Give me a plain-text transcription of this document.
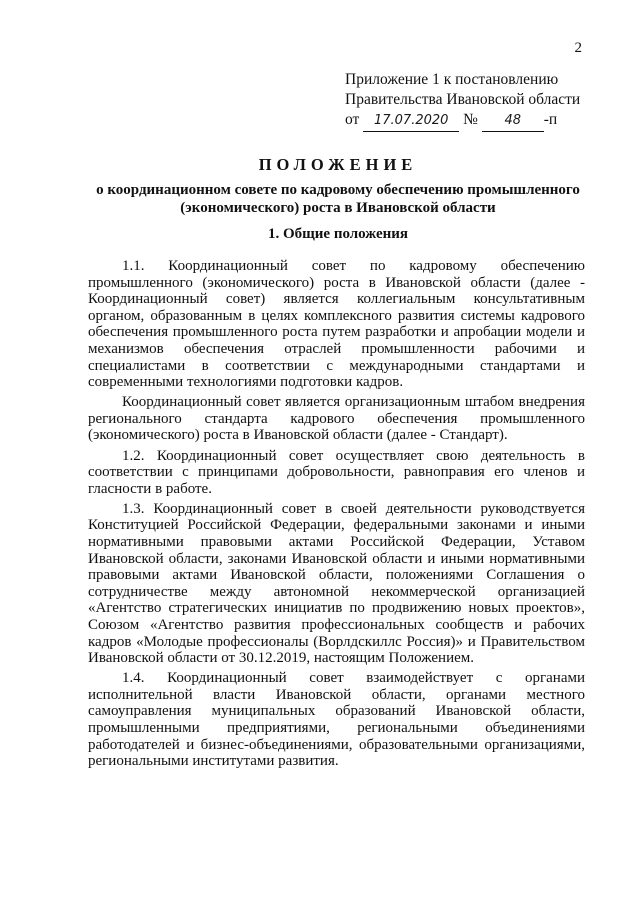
2
Приложение 1 к постановлению
Правительства Ивановской области
от 17.07.2020 № 48 -п
ПОЛОЖЕНИЕ
о координационном совете по кадровому обеспечению промышленного (экономического) роста в Ивановской области
1. Общие положения

1.1. Координационный совет по кадровому обеспечению промышленного (экономического) роста в Ивановской области (далее - Координационный совет) является коллегиальным консультативным органом, образованным в целях комплексного развития системы кадрового обеспечения промышленного роста путем разработки и апробации модели и механизмов обеспечения отраслей промышленности рабочими и специалистами в соответствии с международными стандартами и современными технологиями подготовки кадров.

Координационный совет является организационным штабом внедрения регионального стандарта кадрового обеспечения промышленного (экономического) роста в Ивановской области (далее - Стандарт).

1.2. Координационный совет осуществляет свою деятельность в соответствии с принципами добровольности, равноправия его членов и гласности в работе.

1.3. Координационный совет в своей деятельности руководствуется Конституцией Российской Федерации, федеральными законами и иными нормативными правовыми актами Российской Федерации, Уставом Ивановской области, законами Ивановской области и иными нормативными правовыми актами Ивановской области, положениями Соглашения о сотрудничестве между автономной некоммерческой организацией «Агентство стратегических инициатив по продвижению новых проектов», Союзом «Агентство развития профессиональных сообществ и рабочих кадров «Молодые профессионалы (Ворлдскиллс Россия)» и Правительством Ивановской области от 30.12.2019, настоящим Положением.

1.4. Координационный совет взаимодействует с органами исполнительной власти Ивановской области, органами местного самоуправления муниципальных образований Ивановской области, промышленными предприятиями, региональными объединениями работодателей и бизнес-объединениями, образовательными организациями, региональными институтами развития.
